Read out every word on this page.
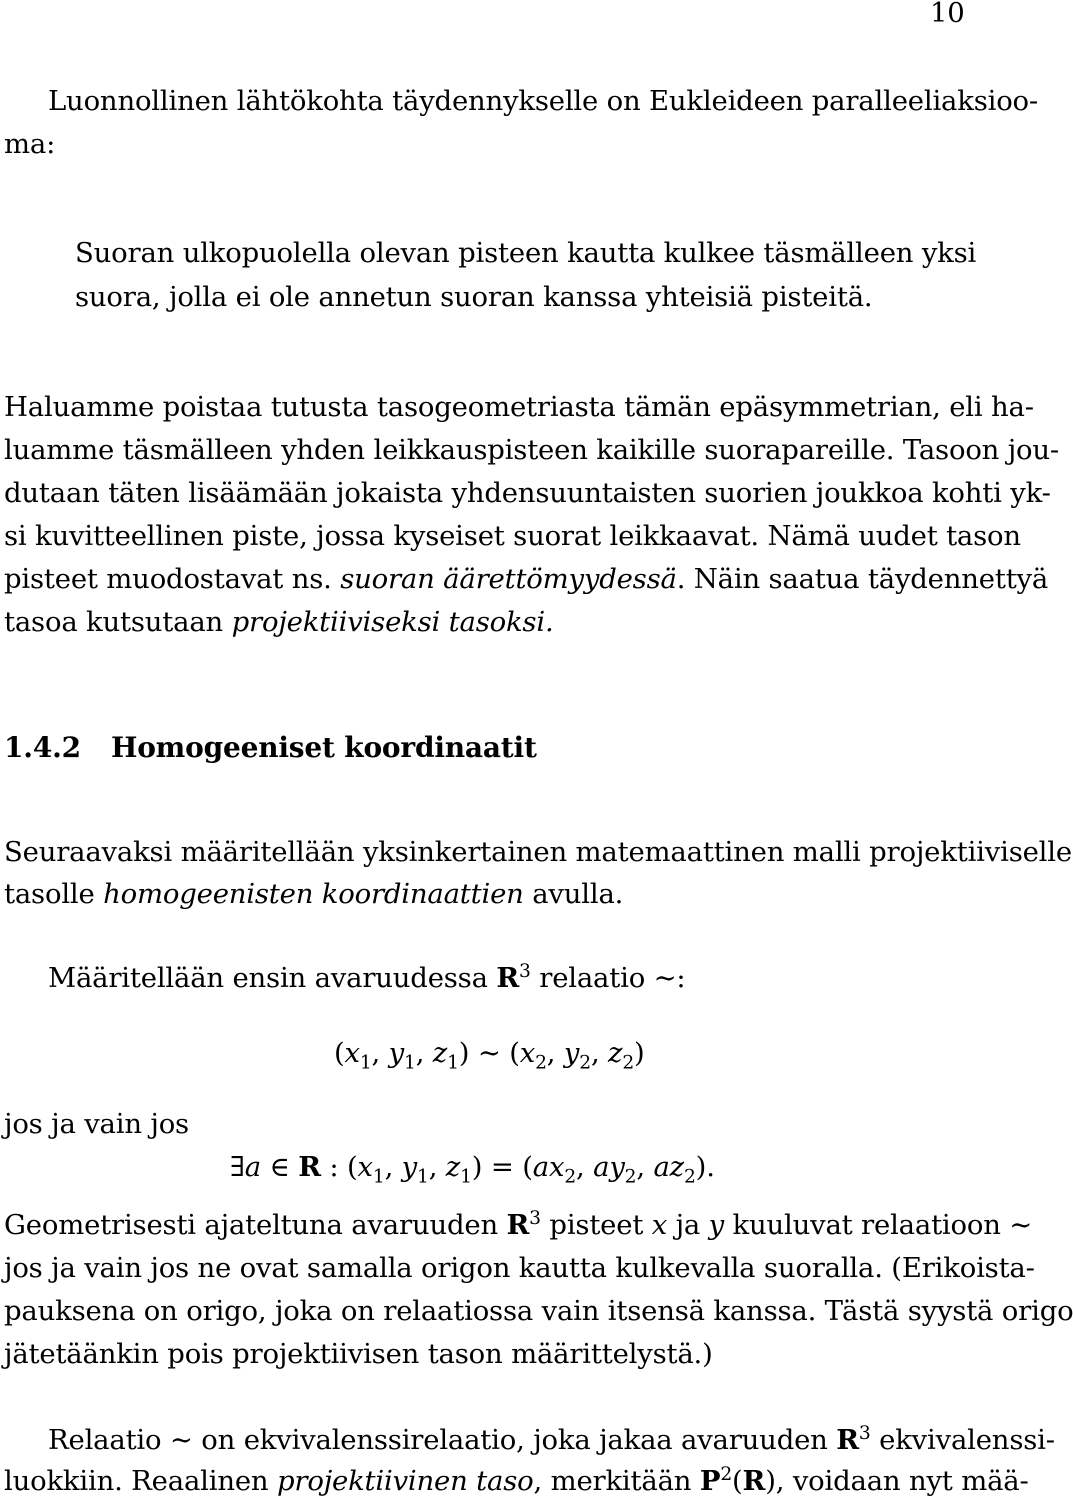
10
Luonnollinen lähtökohta täydennykselle on Eukleideen paralleeliaksioo-
ma:
Suoran ulkopuolella olevan pisteen kautta kulkee täsmälleen yksi
suora, jolla ei ole annetun suoran kanssa yhteisiä pisteitä.
Haluamme poistaa tutusta tasogeometriasta tämän epäsymmetrian, eli ha-
luamme täsmälleen yhden leikkauspisteen kaikille suorapareille. Tasoon jou-
dutaan täten lisäämään jokaista yhdensuuntaisten suorien joukkoa kohti yk-
si kuvitteellinen piste, jossa kyseiset suorat leikkaavat. Nämä uudet tason
pisteet muodostavat ns. suoran äärettömyydessä. Näin saatua täydennettyä
tasoa kutsutaan projektiiviseksi tasoksi.
1.4.2 Homogeeniset koordinaatit
Seuraavaksi määritellään yksinkertainen matemaattinen malli projektiiviselle
tasolle homogeenisten koordinaattien avulla.
Määritellään ensin avaruudessa $R^3$ relaatio ∼:
($x_1$, $y_1$, $z_1$) ∼ ($x_2$, $y_2$, $z_2$)
jos ja vain jos
∃a ∈ R : ($x_1$, $y_1$, $z_1) = (ax_2$, $ay_2$, $az_2$).
Geometrisesti ajateltuna avaruuden $R^3$ pisteet x ja y kuuluvat relaatioon ∼
jos ja vain jos ne ovat samalla origon kautta kulkevalla suoralla. (Erikoista-
pauksena on origo, joka on relaatiossa vain itsensä kanssa. Tästä syystä origo
jätetäänkin pois projektiivisen tason määrittelystä.)
Relaatio ∼ on ekvivalenssirelaatio, joka jakaa avaruuden $R^3$ ekvivalenssi-
luokkiin. Reaalinen projektiivinen taso, merkitään $P^2(R)$, voidaan nyt mää-
